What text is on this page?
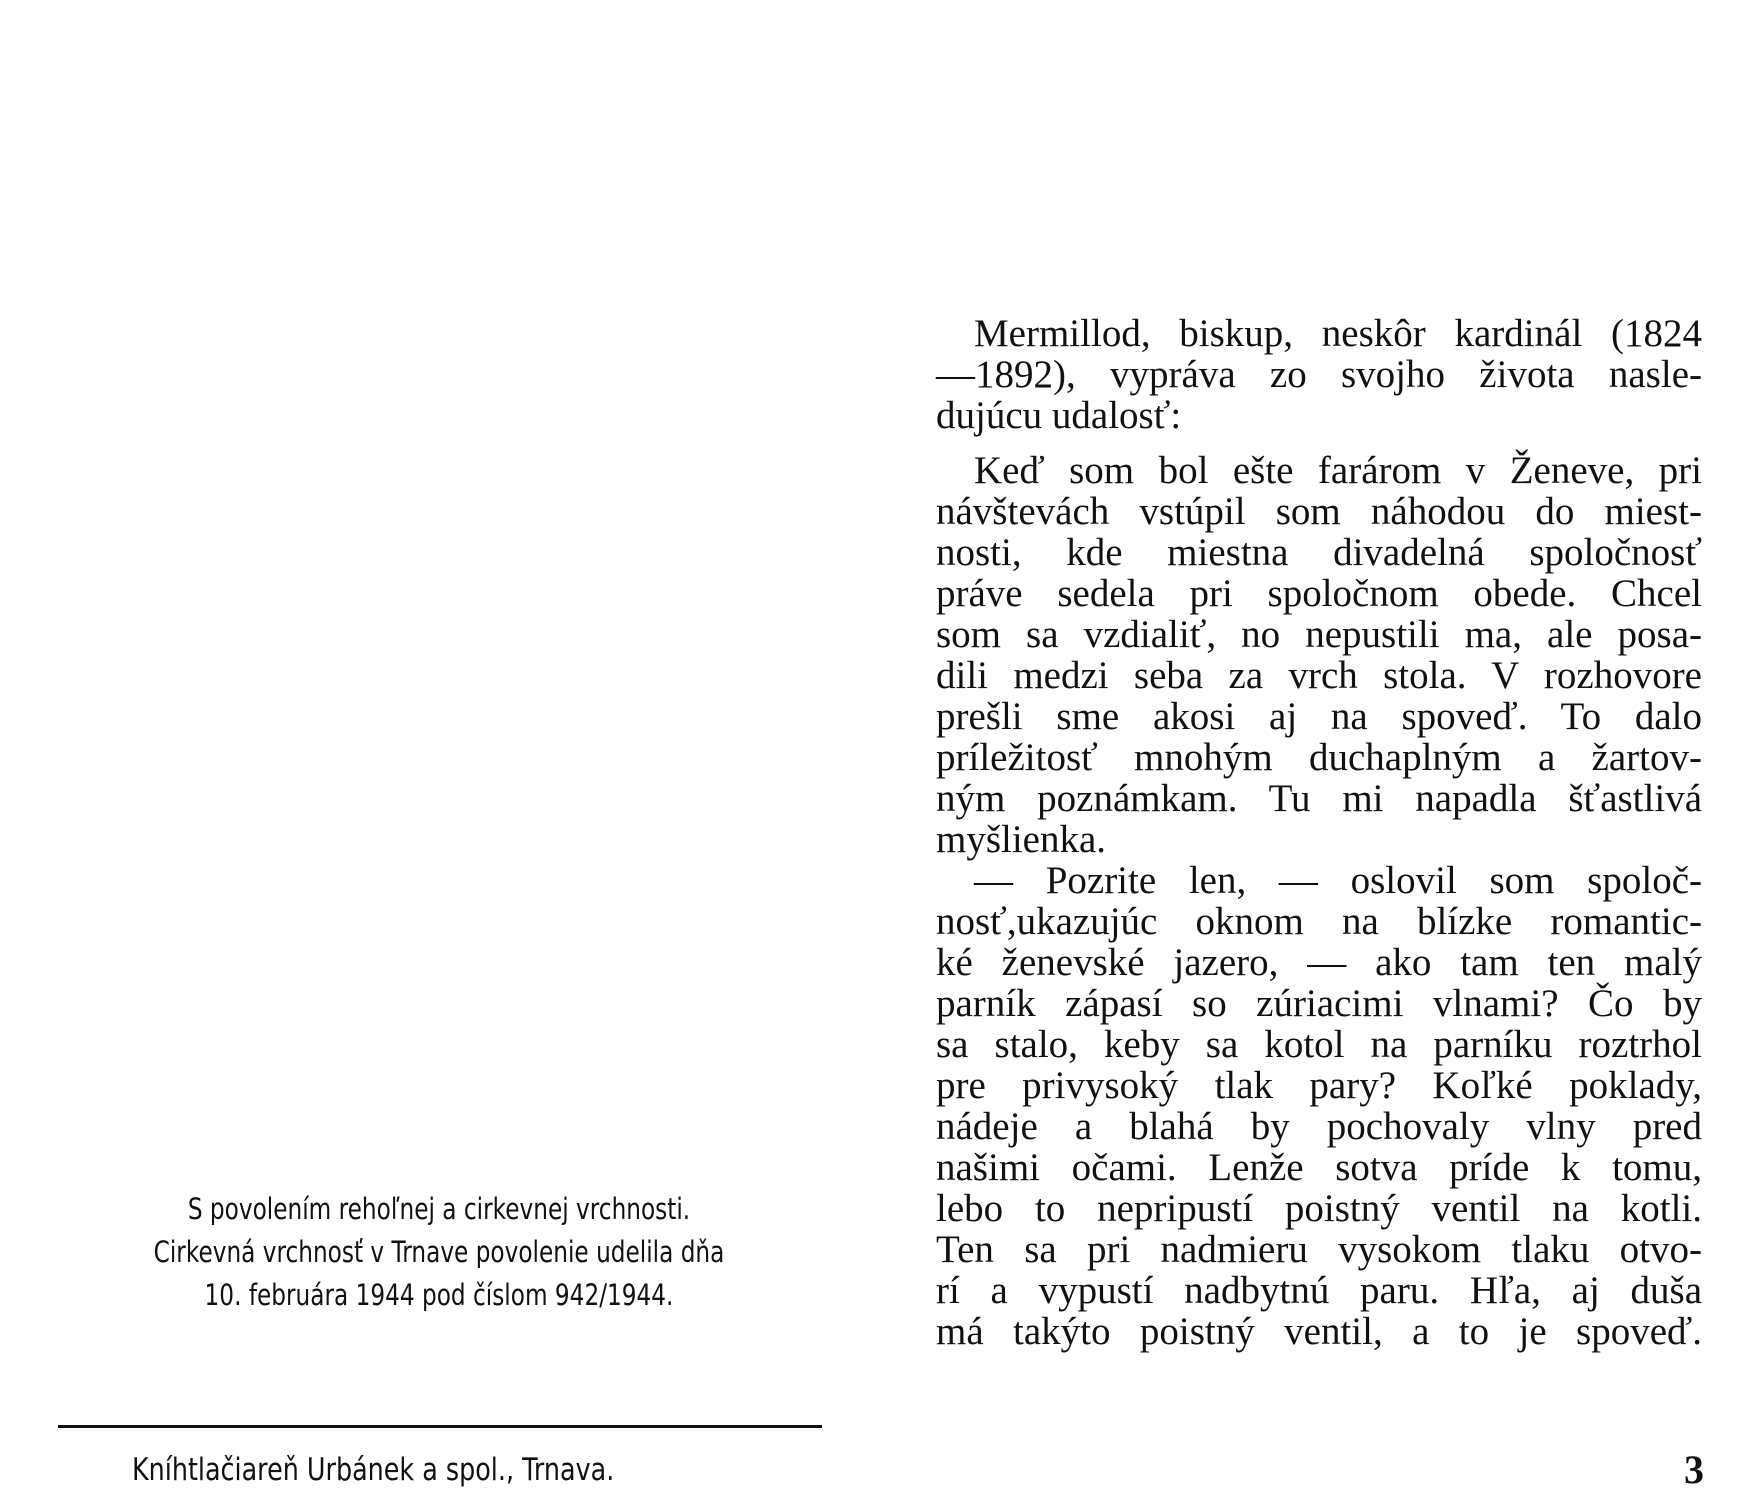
S povolením rehoľnej a cirkevnej vrchnosti.
Cirkevná vrchnosť v Trnave povolenie udelila dňa
10. februára 1944 pod číslom 942/1944.
Kníhtlačiareň Urbánek a spol., Trnava.
Mermillod, biskup, neskôr kardinál (1824
—1892), vypráva zo svojho života nasle-
dujúcu udalosť:
Keď som bol ešte farárom v Ženeve, pri
návštevách vstúpil som náhodou do miest-
nosti, kde miestna divadelná spoločnosť
práve sedela pri spoločnom obede. Chcel
som sa vzdialiť, no nepustili ma, ale posa-
dili medzi seba za vrch stola. V rozhovore
prešli sme akosi aj na spoveď. To dalo
príležitosť mnohým duchaplným a žartov-
ným poznámkam. Tu mi napadla šťastlivá
myšlienka.
— Pozrite len, — oslovil som spoloč-
nosť,ukazujúc oknom na blízke romantic-
ké ženevské jazero, — ako tam ten malý
parník zápasí so zúriacimi vlnami? Čo by
sa stalo, keby sa kotol na parníku roztrhol
pre privysoký tlak pary? Koľké poklady,
nádeje a blahá by pochovaly vlny pred
našimi očami. Lenže sotva príde k tomu,
lebo to nepripustí poistný ventil na kotli.
Ten sa pri nadmieru vysokom tlaku otvo-
rí a vypustí nadbytnú paru. Hľa, aj duša
má takýto poistný ventil, a to je spoveď.
3
